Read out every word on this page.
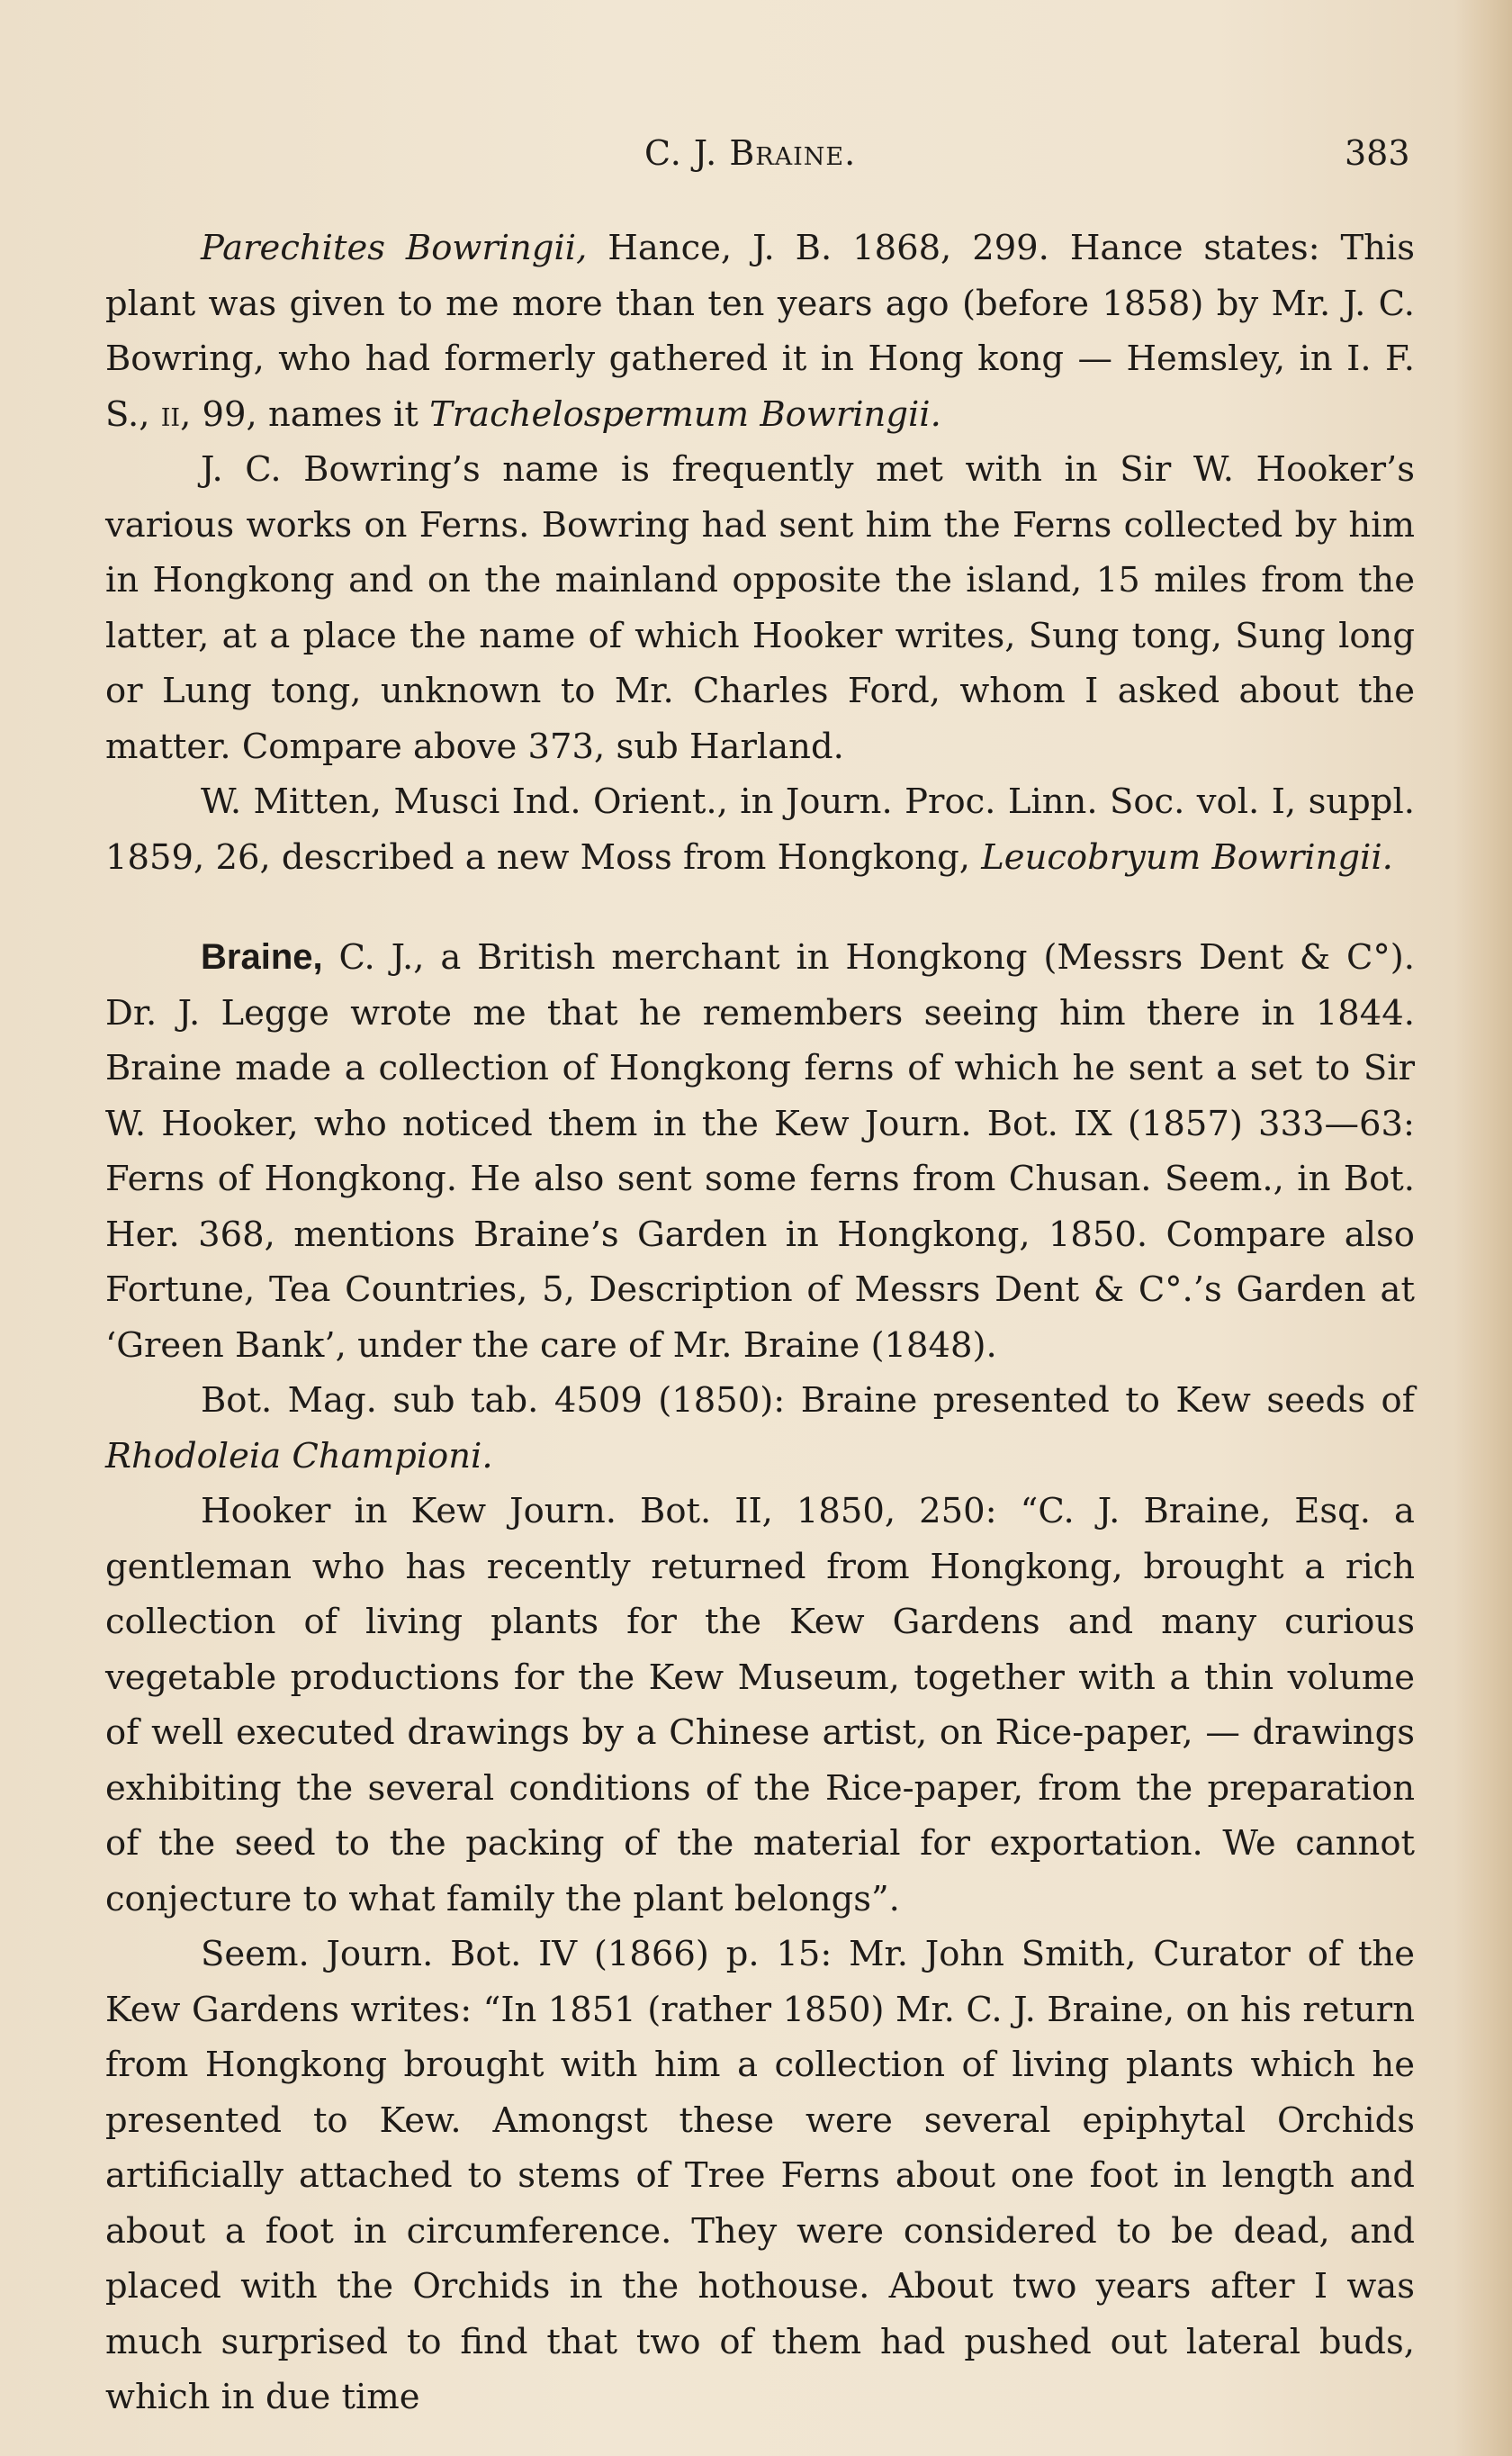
C. J. Braine.	383

Parechites Bowringii, Hance, J. B. 1868, 299. Hance states: This plant was given to me more than ten years ago (before 1858) by Mr. J. C. Bowring, who had formerly gathered it in Hong kong — Hemsley, in I. F. S., ii, 99, names it Trachelospermum Bowringii.

J. C. Bowring’s name is frequently met with in Sir W. Hooker’s various works on Ferns. Bowring had sent him the Ferns collected by him in Hongkong and on the mainland opposite the island, 15 miles from the latter, at a place the name of which Hooker writes, Sung tong, Sung long or Lung tong, unknown to Mr. Charles Ford, whom I asked about the matter. Compare above 373, sub Harland.

W. Mitten, Musci Ind. Orient., in Journ. Proc. Linn. Soc. vol. I, suppl. 1859, 26, described a new Moss from Hongkong, Leucobryum Bowringii.

Braine, C. J., a British merchant in Hongkong (Messrs Dent & C°). Dr. J. Legge wrote me that he remembers seeing him there in 1844. Braine made a collection of Hongkong ferns of which he sent a set to Sir W. Hooker, who noticed them in the Kew Journ. Bot. IX (1857) 333—63: Ferns of Hongkong. He also sent some ferns from Chusan. Seem., in Bot. Her. 368, mentions Braine’s Garden in Hongkong, 1850. Compare also Fortune, Tea Countries, 5, Description of Messrs Dent & C°.’s Garden at ‘Green Bank’, under the care of Mr. Braine (1848).

Bot. Mag. sub tab. 4509 (1850): Braine presented to Kew seeds of Rhodoleia Championi.

Hooker in Kew Journ. Bot. II, 1850, 250: “C. J. Braine, Esq. a gentleman who has recently returned from Hongkong, brought a rich collection of living plants for the Kew Gardens and many curious vegetable productions for the Kew Museum, together with a thin volume of well executed drawings by a Chinese artist, on Rice-paper, — drawings exhibiting the several conditions of the Rice-paper, from the preparation of the seed to the packing of the material for exportation. We cannot conjecture to what family the plant belongs”.

Seem. Journ. Bot. IV (1866) p. 15: Mr. John Smith, Curator of the Kew Gardens writes: “In 1851 (rather 1850) Mr. C. J. Braine, on his return from Hongkong brought with him a collection of living plants which he presented to Kew. Amongst these were several epiphytal Orchids artificially attached to stems of Tree Ferns about one foot in length and about a foot in circumference. They were considered to be dead, and placed with the Orchids in the hothouse. About two years after I was much surprised to find that two of them had pushed out lateral buds, which in due time
